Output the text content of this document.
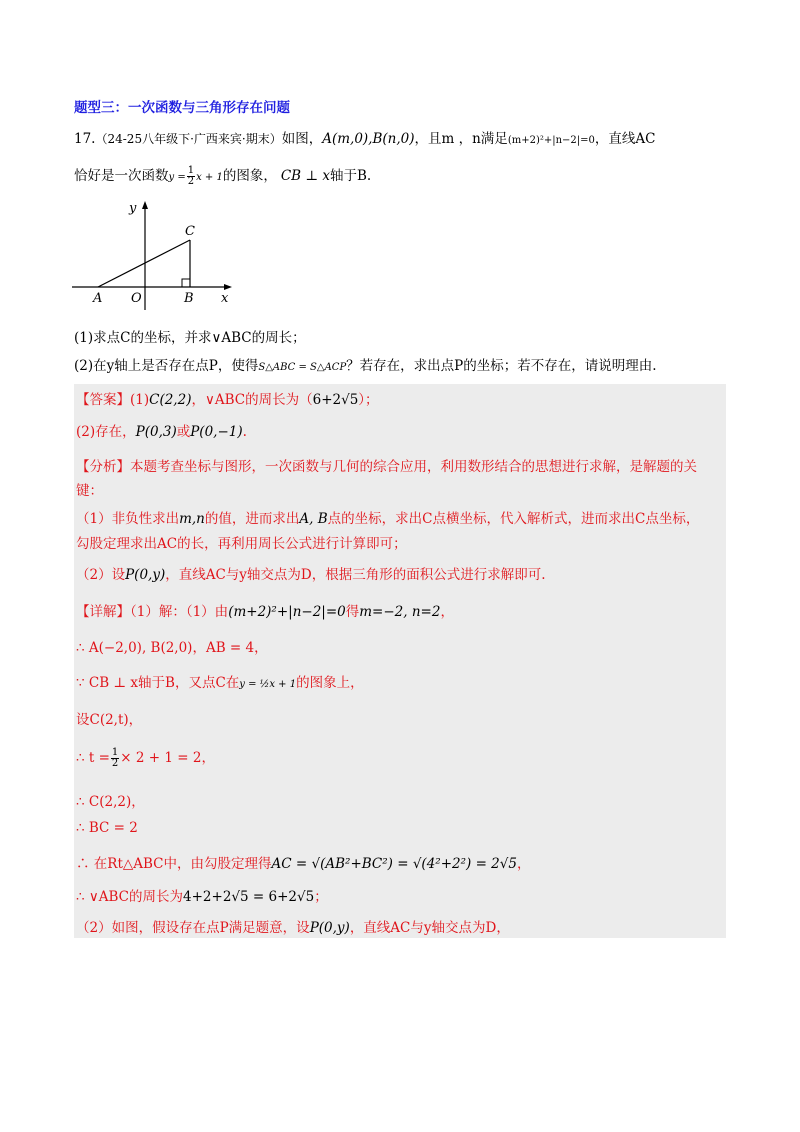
题型三：一次函数与三角形存在问题
17.（24-25八年级下·广西来宾·期末）如图，A(m,0),B(n,0)，且m ，n满足(m+2)²+|n−2|=0，直线AC
恰好是一次函数$y = \frac{1}{2}$ x + 1的图象， CB ⊥ x轴于B.
y
C
A O	B x
(1)求点C的坐标，并求∨ABC的周长；
(2)在y轴上是否存在点P，使得S△ABC = S△ACP？若存在，求出点P的坐标；若不存在，请说明理由.
【答案】(1)C(2,2)，∨ABC的周长为（6+2√5）；
(2)存在，P(0,3)或P(0,−1).
【分析】本题考查坐标与图形，一次函数与几何的综合应用，利用数形结合的思想进行求解，是解题的关
键：
（1）非负性求出m,n的值，进而求出A, B点的坐标，求出C点横坐标，代入解析式，进而求出C点坐标，
勾股定理求出AC的长，再利用周长公式进行计算即可；
（2）设P(0,y)，直线AC与y轴交点为D，根据三角形的面积公式进行求解即可.
【详解】（1）解：（1）由(m+2)²+|n−2|=0得m=−2, n=2，
∴ A(−2,0), B(2,0)，AB = 4，
∵ CB ⊥ x轴于B，又点C在y = ½x + 1的图象上，
设C(2,t)，
∴ $t = \frac{1}{2} \times 2 + 1 = 2$，
∴ C(2,2)，
∴ BC = 2
∴ 在Rt△ABC中，由勾股定理得AC = √(AB²+BC²) = √(4²+2²) = 2√5，
∴ ∨ABC的周长为4+2+2√5 = 6+2√5；
（2）如图，假设存在点P满足题意，设P(0,y)，直线AC与y轴交点为D，
